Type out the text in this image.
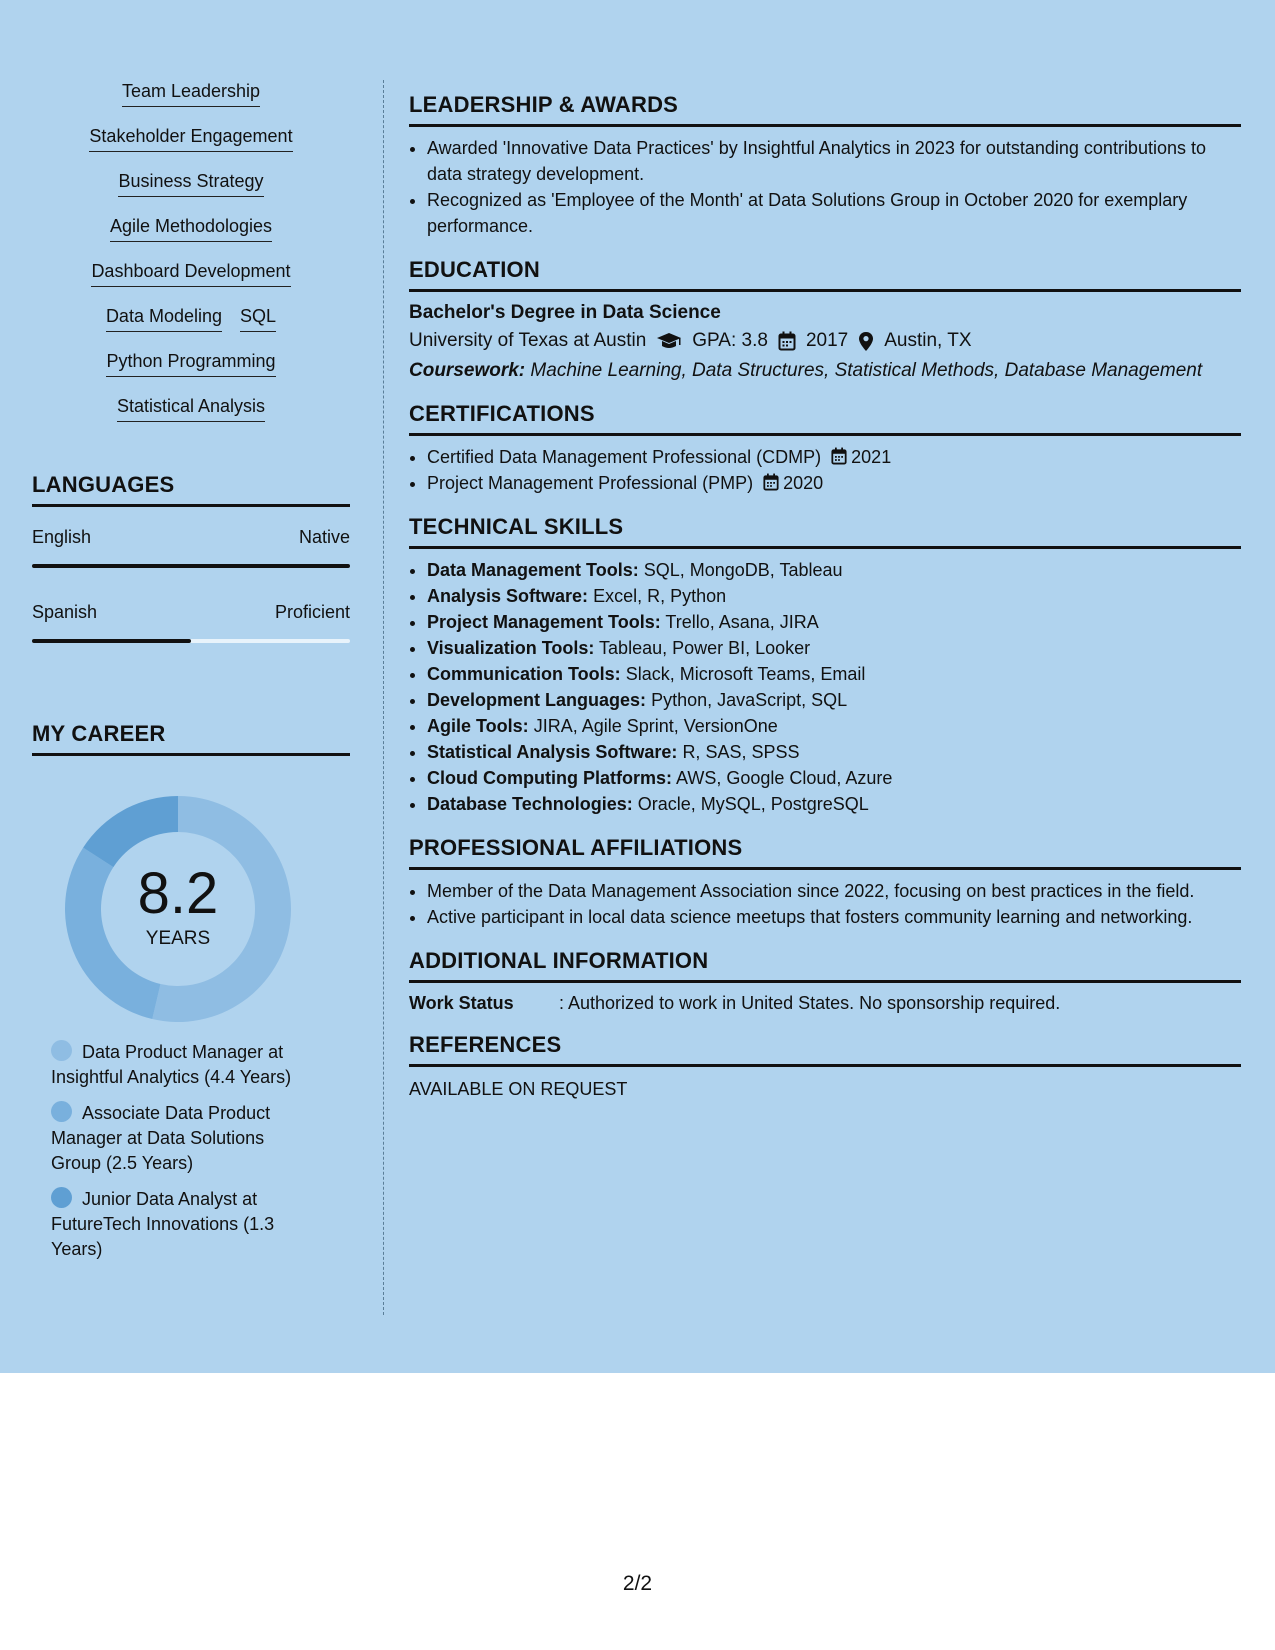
Team Leadership
Stakeholder Engagement
Business Strategy
Agile Methodologies
Dashboard Development
Data Modeling SQL
Python Programming
Statistical Analysis
LANGUAGES
English	Native
Spanish	Proficient
MY CAREER
8.2
YEARS
Data Product Manager at Insightful Analytics (4.4 Years)
Associate Data Product Manager at Data Solutions Group (2.5 Years)
Junior Data Analyst at FutureTech Innovations (1.3 Years)
LEADERSHIP & AWARDS
• Awarded 'Innovative Data Practices' by Insightful Analytics in 2023 for outstanding contributions to data strategy development.
• Recognized as 'Employee of the Month' at Data Solutions Group in October 2020 for exemplary performance.
EDUCATION
Bachelor's Degree in Data Science
University of Texas at Austin GPA: 3.8 2017 Austin, TX
Coursework: Machine Learning, Data Structures, Statistical Methods, Database Management
CERTIFICATIONS
• Certified Data Management Professional (CDMP) 2021
• Project Management Professional (PMP) 2020
TECHNICAL SKILLS
• Data Management Tools: SQL, MongoDB, Tableau
• Analysis Software: Excel, R, Python
• Project Management Tools: Trello, Asana, JIRA
• Visualization Tools: Tableau, Power BI, Looker
• Communication Tools: Slack, Microsoft Teams, Email
• Development Languages: Python, JavaScript, SQL
• Agile Tools: JIRA, Agile Sprint, VersionOne
• Statistical Analysis Software: R, SAS, SPSS
• Cloud Computing Platforms: AWS, Google Cloud, Azure
• Database Technologies: Oracle, MySQL, PostgreSQL
PROFESSIONAL AFFILIATIONS
• Member of the Data Management Association since 2022, focusing on best practices in the field.
• Active participant in local data science meetups that fosters community learning and networking.
ADDITIONAL INFORMATION
Work Status	: Authorized to work in United States. No sponsorship required.
REFERENCES
AVAILABLE ON REQUEST
2/2
